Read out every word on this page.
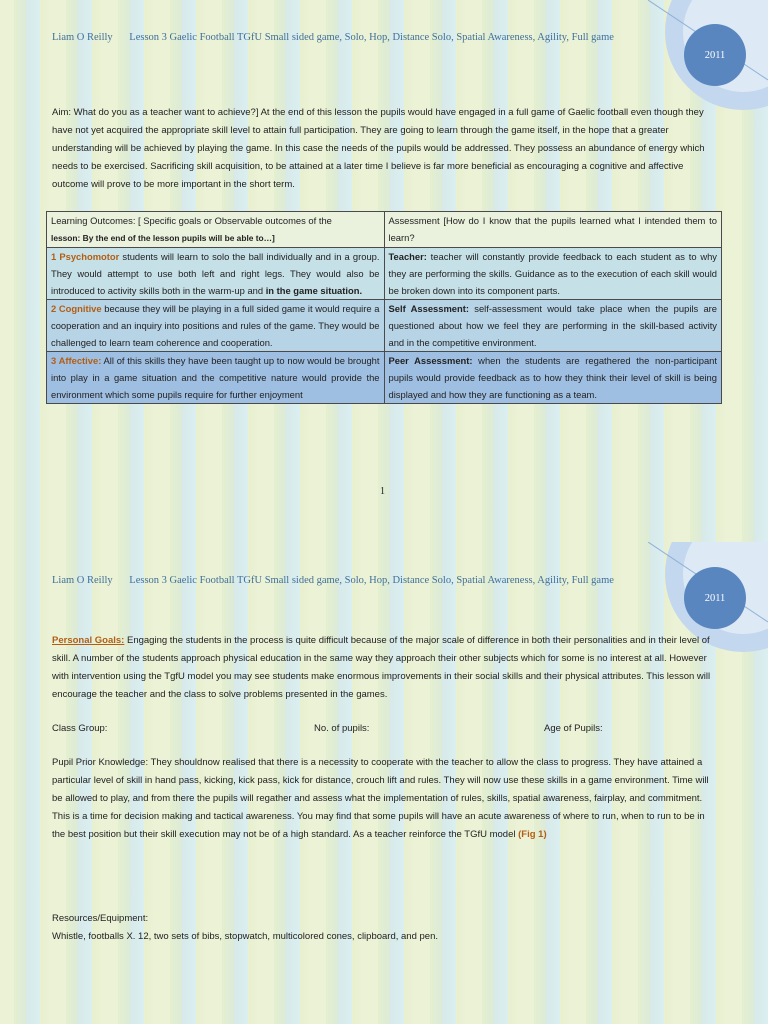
2011
Liam O Reilly Lesson 3 Gaelic Football TGfU Small sided game, Solo, Hop, Distance Solo, Spatial Awareness, Agility, Full game
Aim: What do you as a teacher want to achieve?] At the end of this lesson the pupils would have engaged in a full game of Gaelic football even though they have not yet acquired the appropriate skill level to attain full participation. They are going to learn through the game itself, in the hope that a greater understanding will be achieved by playing the game. In this case the needs of the pupils would be addressed. They possess an abundance of energy which needs to be exercised. Sacrificing skill acquisition, to be attained at a later time I believe is far more beneficial as encouraging a cognitive and affective outcome will prove to be more important in the short term.
Learning Outcomes: [ Specific goals or Observable outcomes of the
lesson: By the end of the lesson pupils will be able to…]	Assessment [How do I know that the pupils learned what I intended them to learn?
1 Psychomotor students will learn to solo the ball individually and in a group. They would attempt to use both left and right legs. They would also be introduced to activity skills both in the warm-up and in the game situation.	Teacher: teacher will constantly provide feedback to each student as to why they are performing the skills. Guidance as to the execution of each skill would be broken down into its component parts.
2 Cognitive because they will be playing in a full sided game it would require a cooperation and an inquiry into positions and rules of the game. They would be challenged to learn team coherence and cooperation.	Self Assessment: self-assessment would take place when the pupils are questioned about how we feel they are performing in the skill-based activity and in the competitive environment.
3 Affective: All of this skills they have been taught up to now would be brought into play in a game situation and the competitive nature would provide the environment which some pupils require for further enjoyment	Peer Assessment: when the students are regathered the non-participant pupils would provide feedback as to how they think their level of skill is being displayed and how they are functioning as a team.
1
2011
Liam O Reilly Lesson 3 Gaelic Football TGfU Small sided game, Solo, Hop, Distance Solo, Spatial Awareness, Agility, Full game
Personal Goals: Engaging the students in the process is quite difficult because of the major scale of difference in both their personalities and in their level of skill. A number of the students approach physical education in the same way they approach their other subjects which for some is no interest at all. However with intervention using the TgfU model you may see students make enormous improvements in their social skills and their physical attributes. This lesson will encourage the teacher and the class to solve problems presented in the games.
Class Group:	No. of pupils:	Age of Pupils:
Pupil Prior Knowledge: They shouldnow realised that there is a necessity to cooperate with the teacher to allow the class to progress. They have attained a particular level of skill in hand pass, kicking, kick pass, kick for distance, crouch lift and rules. They will now use these skills in a game environment. Time will be allowed to play, and from there the pupils will regather and assess what the implementation of rules, skills, spatial awareness, fairplay, and commitment. This is a time for decision making and tactical awareness. You may find that some pupils will have an acute awareness of where to run, when to run to be in the best position but their skill execution may not be of a high standard. As a teacher reinforce the TGfU model (Fig 1)
Resources/Equipment:
Whistle, footballs X. 12, two sets of bibs, stopwatch, multicolored cones, clipboard, and pen.
